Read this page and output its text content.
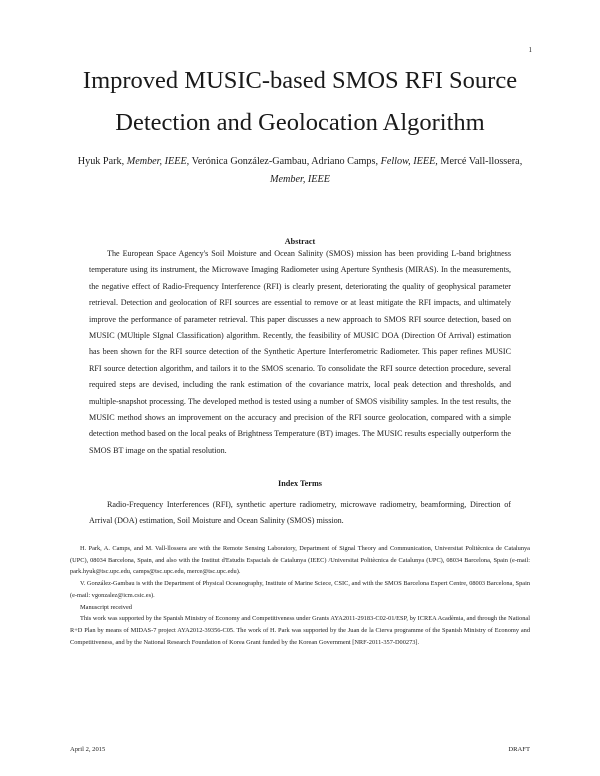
1
Improved MUSIC-based SMOS RFI Source Detection and Geolocation Algorithm
Hyuk Park, Member, IEEE, Verónica González-Gambau, Adriano Camps, Fellow, IEEE, Mercé Vall-llossera, Member, IEEE
Abstract
The European Space Agency's Soil Moisture and Ocean Salinity (SMOS) mission has been providing L-band brightness temperature using its instrument, the Microwave Imaging Radiometer using Aperture Synthesis (MIRAS). In the measurements, the negative effect of Radio-Frequency Interference (RFI) is clearly present, deteriorating the quality of geophysical parameter retrieval. Detection and geolocation of RFI sources are essential to remove or at least mitigate the RFI impacts, and ultimately improve the performance of parameter retrieval. This paper discusses a new approach to SMOS RFI source detection, based on MUSIC (MUltiple SIgnal Classification) algorithm. Recently, the feasibility of MUSIC DOA (Direction Of Arrival) estimation has been shown for the RFI source detection of the Synthetic Aperture Interferometric Radiometer. This paper refines MUSIC RFI source detection algorithm, and tailors it to the SMOS scenario. To consolidate the RFI source detection procedure, several required steps are devised, including the rank estimation of the covariance matrix, local peak detection and thresholds, and multiple-snapshot processing. The developed method is tested using a number of SMOS visibility samples. In the test results, the MUSIC method shows an improvement on the accuracy and precision of the RFI source geolocation, compared with a simple detection method based on the local peaks of Brightness Temperature (BT) images. The MUSIC results especially outperform the SMOS BT image on the spatial resolution.
Index Terms
Radio-Frequency Interferences (RFI), synthetic aperture radiometry, microwave radiometry, beamforming, Direction of Arrival (DOA) estimation, Soil Moisture and Ocean Salinity (SMOS) mission.

H. Park, A. Camps, and M. Vall-llossera are with the Remote Sensing Laboratory, Department of Signal Theory and Communication, Universitat Politècnica de Catalunya (UPC), 08034 Barcelona, Spain, and also with the Institut d'Estudis Espacials de Catalunya (IEEC) /Universitat Politècnica de Catalunya (UPC), 08034 Barcelona, Spain (e-mail: park.hyuk@tsc.upc.edu, camps@tsc.upc.edu, merce@tsc.upc.edu).

V. González-Gambau is with the Department of Physical Oceanography, Institute of Marine Sciece, CSIC, and with the SMOS Barcelona Expert Centre, 08003 Barcelona, Spain (e-mail: vgonzalez@icm.csic.es).

Manuscript received

This work was supported by the Spanish Ministry of Economy and Competitiveness under Grants AYA2011-29183-C02-01/ESP, by ICREA Acadèmia, and through the National R+D Plan by means of MIDAS-7 project AYA2012-39356-C05. The work of H. Park was supported by the Juan de la Cierva programme of the Spanish Ministry of Economy and Competitiveness, and by the National Research Foundation of Korea Grant funded by the Korean Government [NRF-2011-357-D00273].

April 2, 2015	DRAFT
